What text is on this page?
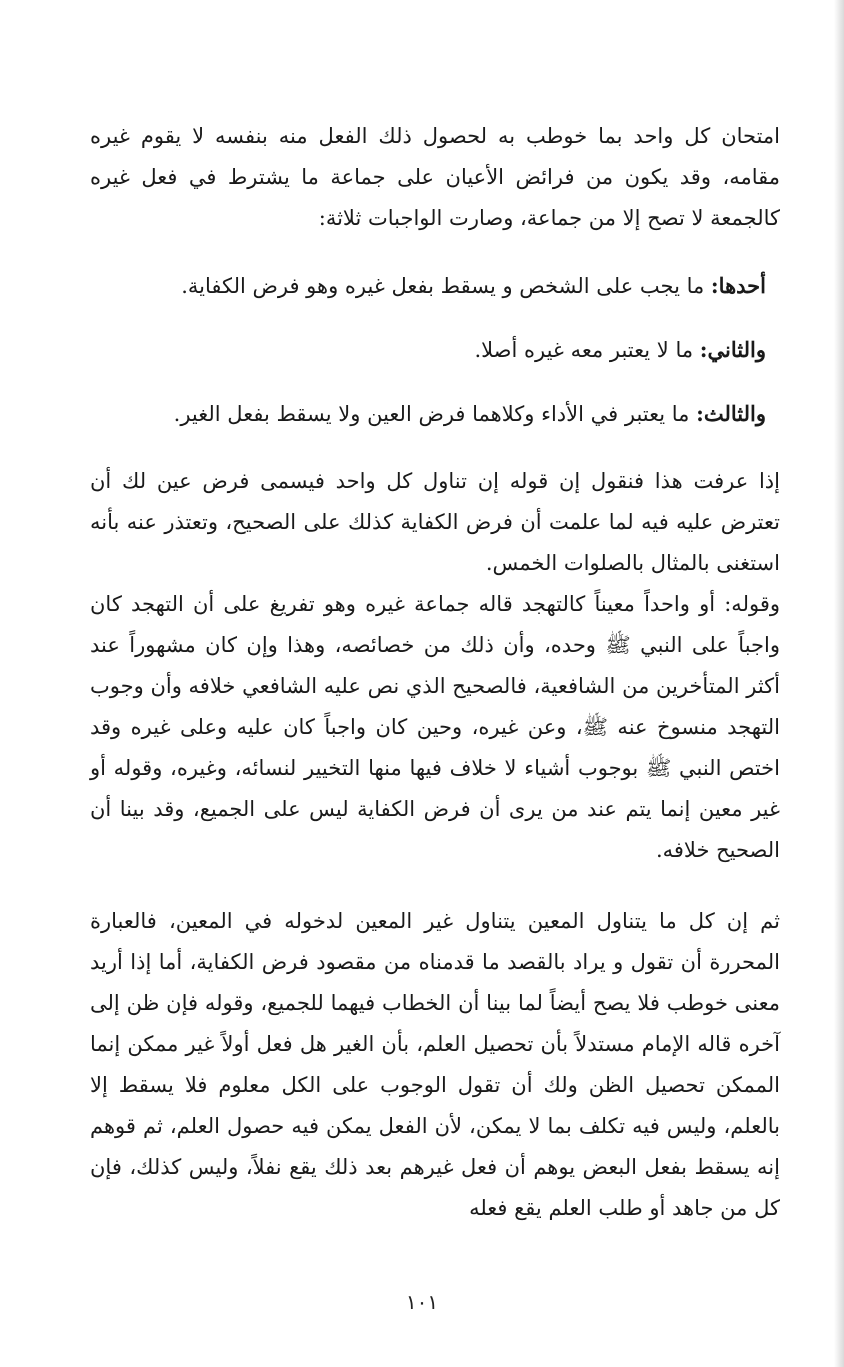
امتحان كل واحد بما خوطب به لحصول ذلك الفعل منه بنفسه لا يقوم غيره مقامه، وقد يكون من فرائض الأعيان على جماعة ما يشترط في فعل غيره كالجمعة لا تصح إلا من جماعة، وصارت الواجبات ثلاثة:

أحدها: ما يجب على الشخص و يسقط بفعل غيره وهو فرض الكفاية.

والثاني: ما لا يعتبر معه غيره أصلا.

والثالث: ما يعتبر في الأداء وكلاهما فرض العين ولا يسقط بفعل الغير.

إذا عرفت هذا فنقول إن قوله إن تناول كل واحد فيسمى فرض عين لك أن تعترض عليه فيه لما علمت أن فرض الكفاية كذلك على الصحيح، وتعتذر عنه بأنه استغنى بالمثال بالصلوات الخمس.

وقوله: أو واحداً معيناً كالتهجد قاله جماعة غيره وهو تفريغ على أن التهجد كان واجباً على النبي ﷺ وحده، وأن ذلك من خصائصه، وهذا وإن كان مشهوراً عند أكثر المتأخرين من الشافعية، فالصحيح الذي نص عليه الشافعي خلافه وأن وجوب التهجد منسوخ عنه ﷺ، وعن غيره، وحين كان واجباً كان عليه وعلى غيره وقد اختص النبي ﷺ بوجوب أشياء لا خلاف فيها منها التخيير لنسائه، وغيره، وقوله أو غير معين إنما يتم عند من يرى أن فرض الكفاية ليس على الجميع، وقد بينا أن الصحيح خلافه.

ثم إن كل ما يتناول المعين يتناول غير المعين لدخوله في المعين، فالعبارة المحررة أن تقول و يراد بالقصد ما قدمناه من مقصود فرض الكفاية، أما إذا أريد معنى خوطب فلا يصح أيضاً لما بينا أن الخطاب فيهما للجميع، وقوله فإن ظن إلى آخره قاله الإمام مستدلاً بأن تحصيل العلم، بأن الغير هل فعل أولاً غير ممكن إنما الممكن تحصيل الظن ولك أن تقول الوجوب على الكل معلوم فلا يسقط إلا بالعلم، وليس فيه تكلف بما لا يمكن، لأن الفعل يمكن فيه حصول العلم، ثم قوهم إنه يسقط بفعل البعض يوهم أن فعل غيرهم بعد ذلك يقع نفلاً، وليس كذلك، فإن كل من جاهد أو طلب العلم يقع فعله

١٠١
